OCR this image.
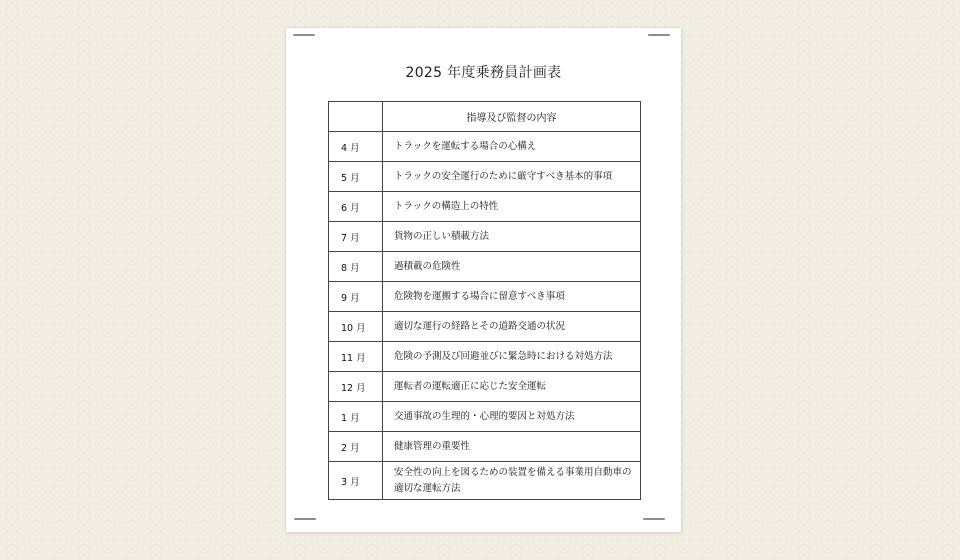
2025 年度乗務員計画表
	指導及び監督の内容
4 月	トラックを運転する場合の心構え
5 月	トラックの安全運行のために厳守すべき基本的事項
6 月	トラックの構造上の特性
7 月	貨物の正しい積載方法
8 月	過積載の危険性
9 月	危険物を運搬する場合に留意すべき事項
10 月	適切な運行の経路とその道路交通の状況
11 月	危険の予測及び回避並びに緊急時における対処方法
12 月	運転者の運転適正に応じた安全運転
1 月	交通事故の生理的・心理的要因と対処方法
2 月	健康管理の重要性
3 月	安全性の向上を図るための装置を備える事業用自動車の適切な運転方法
